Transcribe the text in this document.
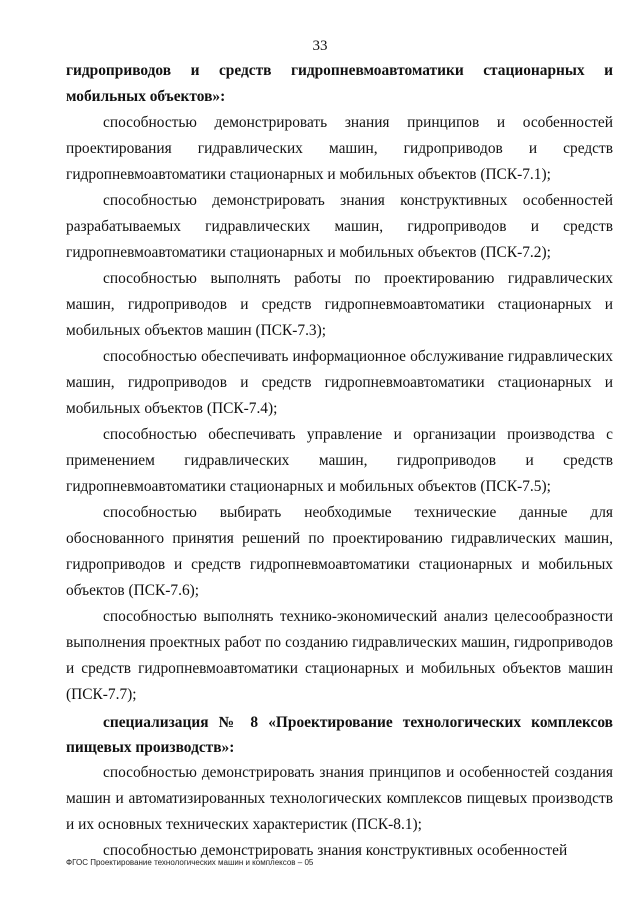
33

гидроприводов и средств гидропневмоавтоматики стационарных и мобильных объектов»:

способностью демонстрировать знания принципов и особенностей проектирования гидравлических машин, гидроприводов и средств гидропневмоавтоматики стационарных и мобильных объектов (ПСК-7.1);

способностью демонстрировать знания конструктивных особенностей разрабатываемых гидравлических машин, гидроприводов и средств гидропневмоавтоматики стационарных и мобильных объектов (ПСК-7.2);

способностью выполнять работы по проектированию гидравлических машин, гидроприводов и средств гидропневмоавтоматики стационарных и мобильных объектов машин (ПСК-7.3);

способностью обеспечивать информационное обслуживание гидравлических машин, гидроприводов и средств гидропневмоавтоматики стационарных и мобильных объектов (ПСК-7.4);

способностью обеспечивать управление и организации производства с применением гидравлических машин, гидроприводов и средств гидропневмоавтоматики стационарных и мобильных объектов (ПСК-7.5);

способностью выбирать необходимые технические данные для обоснованного принятия решений по проектированию гидравлических машин, гидроприводов и средств гидропневмоавтоматики стационарных и мобильных объектов (ПСК-7.6);

способностью выполнять технико-экономический анализ целесообразности выполнения проектных работ по созданию гидравлических машин, гидроприводов и средств гидропневмоавтоматики стационарных и мобильных объектов машин (ПСК-7.7);

специализация № 8 «Проектирование технологических комплексов пищевых производств»:

способностью демонстрировать знания принципов и особенностей создания машин и автоматизированных технологических комплексов пищевых производств и их основных технических характеристик (ПСК-8.1);

способностью демонстрировать знания конструктивных особенностей

ФГОС Проектирование технологических машин и комплексов – 05
